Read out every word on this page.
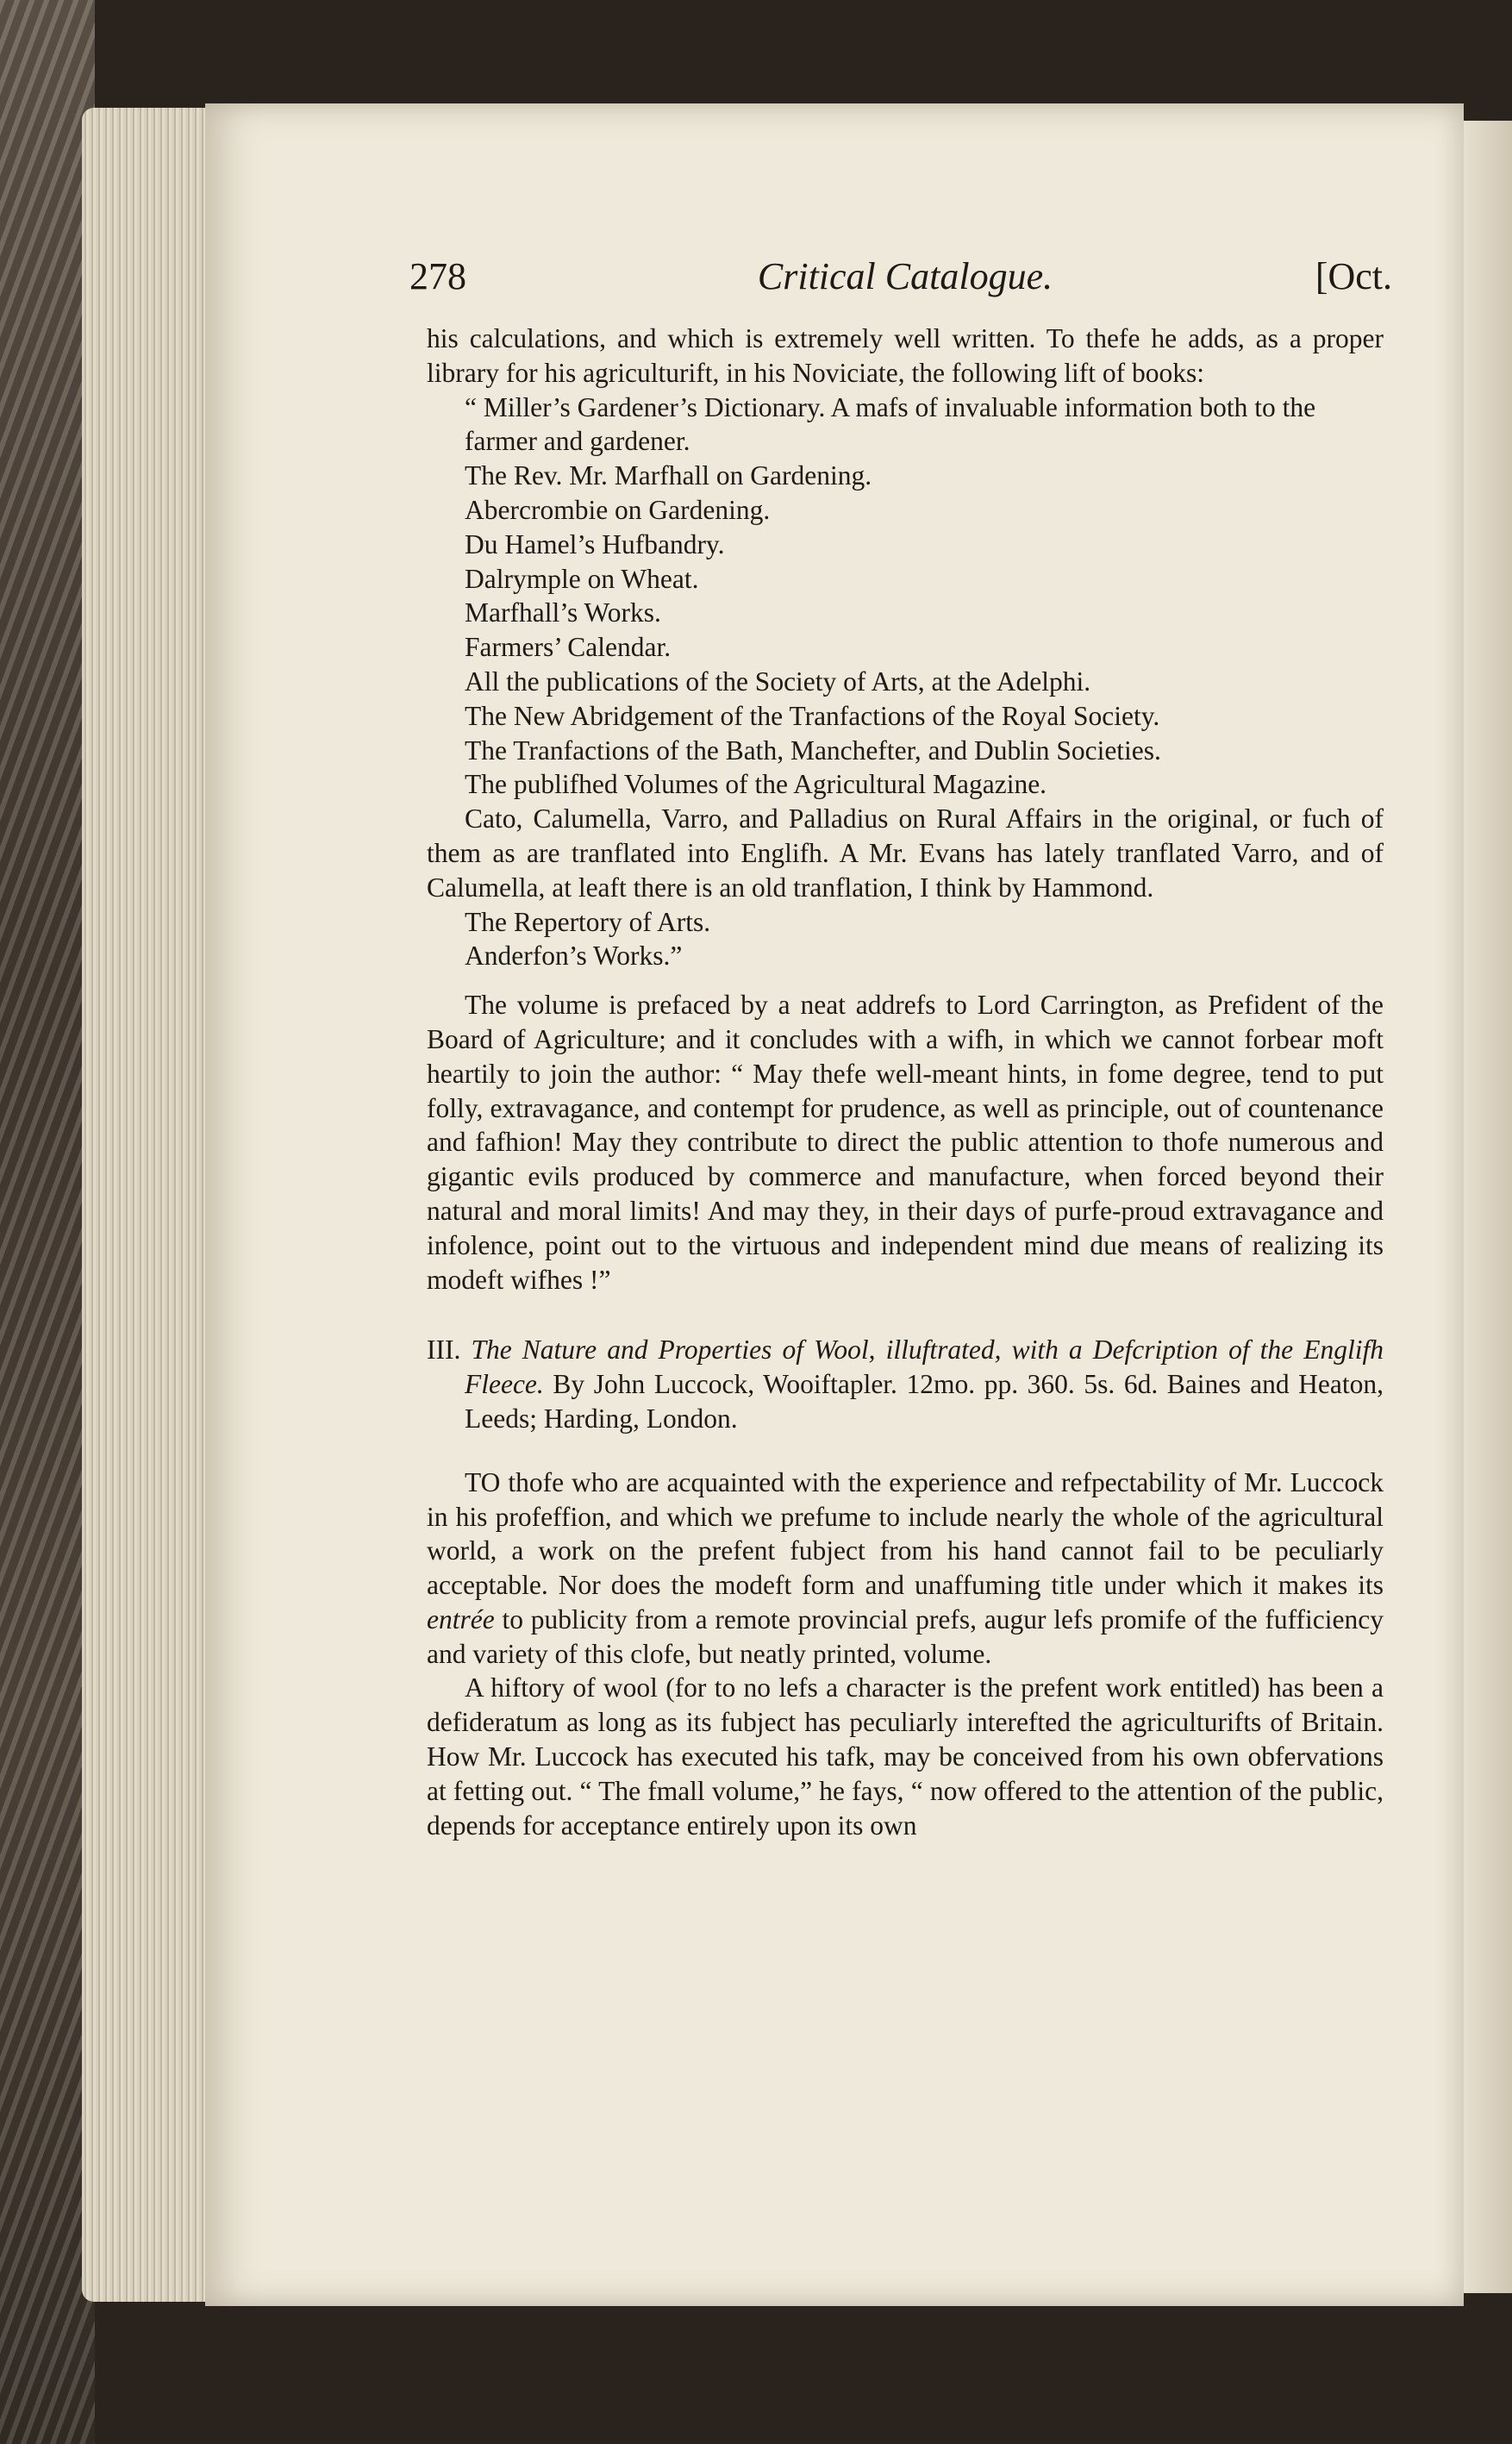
278	Critical Catalogue.	[Oct.

his calculations, and which is extremely well written. To thefe he adds, as a proper library for his agriculturift, in his Noviciate, the following lift of books:

“ Miller’s Gardener’s Dictionary. A mafs of invaluable information both to the farmer and gardener.

The Rev. Mr. Marfhall on Gardening.

Abercrombie on Gardening.

Du Hamel’s Hufbandry.

Dalrymple on Wheat.

Marfhall’s Works.

Farmers’ Calendar.

All the publications of the Society of Arts, at the Adelphi.

The New Abridgement of the Tranfactions of the Royal Society.

The Tranfactions of the Bath, Manchefter, and Dublin Societies.

The publifhed Volumes of the Agricultural Magazine.

Cato, Calumella, Varro, and Palladius on Rural Affairs in the original, or fuch of them as are tranflated into Englifh. A Mr. Evans has lately tranflated Varro, and of Calumella, at leaft there is an old tranflation, I think by Hammond.

The Repertory of Arts.

Anderfon’s Works.”

The volume is prefaced by a neat addrefs to Lord Carrington, as Prefident of the Board of Agriculture; and it concludes with a wifh, in which we cannot forbear moft heartily to join the author: “ May thefe well-meant hints, in fome degree, tend to put folly, extravagance, and contempt for prudence, as well as principle, out of countenance and fafhion! May they contribute to direct the public attention to thofe numerous and gigantic evils produced by commerce and manufacture, when forced beyond their natural and moral limits! And may they, in their days of purfe-proud extravagance and infolence, point out to the virtuous and independent mind due means of realizing its modeft wifhes !”

III. The Nature and Properties of Wool, illuftrated, with a Defcription of the Englifh Fleece. By John Luccock, Wooiftapler. 12mo. pp. 360. 5s. 6d. Baines and Heaton, Leeds; Harding, London.

TO thofe who are acquainted with the experience and refpectability of Mr. Luccock in his profeffion, and which we prefume to include nearly the whole of the agricultural world, a work on the prefent fubject from his hand cannot fail to be peculiarly acceptable. Nor does the modeft form and unaffuming title under which it makes its entrée to publicity from a remote provincial prefs, augur lefs promife of the fufficiency and variety of this clofe, but neatly printed, volume.

A hiftory of wool (for to no lefs a character is the prefent work entitled) has been a defideratum as long as its fubject has peculiarly interefted the agriculturifts of Britain. How Mr. Luccock has executed his tafk, may be conceived from his own obfervations at fetting out. “ The fmall volume,” he fays, “ now offered to the attention of the public, depends for acceptance entirely upon its own
